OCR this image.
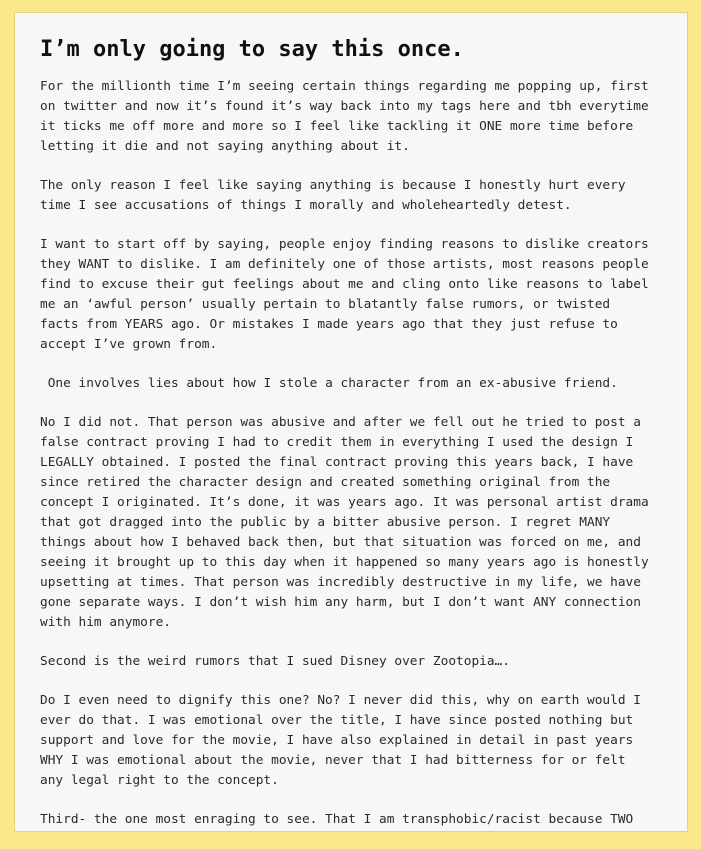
I’m only going to say this once.

For the millionth time I’m seeing certain things regarding me popping up, first
on twitter and now it’s found it’s way back into my tags here and tbh everytime
it ticks me off more and more so I feel like tackling it ONE more time before
letting it die and not saying anything about it.

The only reason I feel like saying anything is because I honestly hurt every
time I see accusations of things I morally and wholeheartedly detest.

I want to start off by saying, people enjoy finding reasons to dislike creators
they WANT to dislike. I am definitely one of those artists, most reasons people
find to excuse their gut feelings about me and cling onto like reasons to label
me an ‘awful person’ usually pertain to blatantly false rumors, or twisted
facts from YEARS ago. Or mistakes I made years ago that they just refuse to
accept I’ve grown from.

One involves lies about how I stole a character from an ex-abusive friend.

No I did not. That person was abusive and after we fell out he tried to post a
false contract proving I had to credit them in everything I used the design I
LEGALLY obtained. I posted the final contract proving this years back, I have
since retired the character design and created something original from the
concept I originated. It’s done, it was years ago. It was personal artist drama
that got dragged into the public by a bitter abusive person. I regret MANY
things about how I behaved back then, but that situation was forced on me, and
seeing it brought up to this day when it happened so many years ago is honestly
upsetting at times. That person was incredibly destructive in my life, we have
gone separate ways. I don’t wish him any harm, but I don’t want ANY connection
with him anymore.

Second is the weird rumors that I sued Disney over Zootopia….

Do I even need to dignify this one? No? I never did this, why on earth would I
ever do that. I was emotional over the title, I have since posted nothing but
support and love for the movie, I have also explained in detail in past years
WHY I was emotional about the movie, never that I had bitterness for or felt
any legal right to the concept.

Third- the one most enraging to see. That I am transphobic/racist because TWO
